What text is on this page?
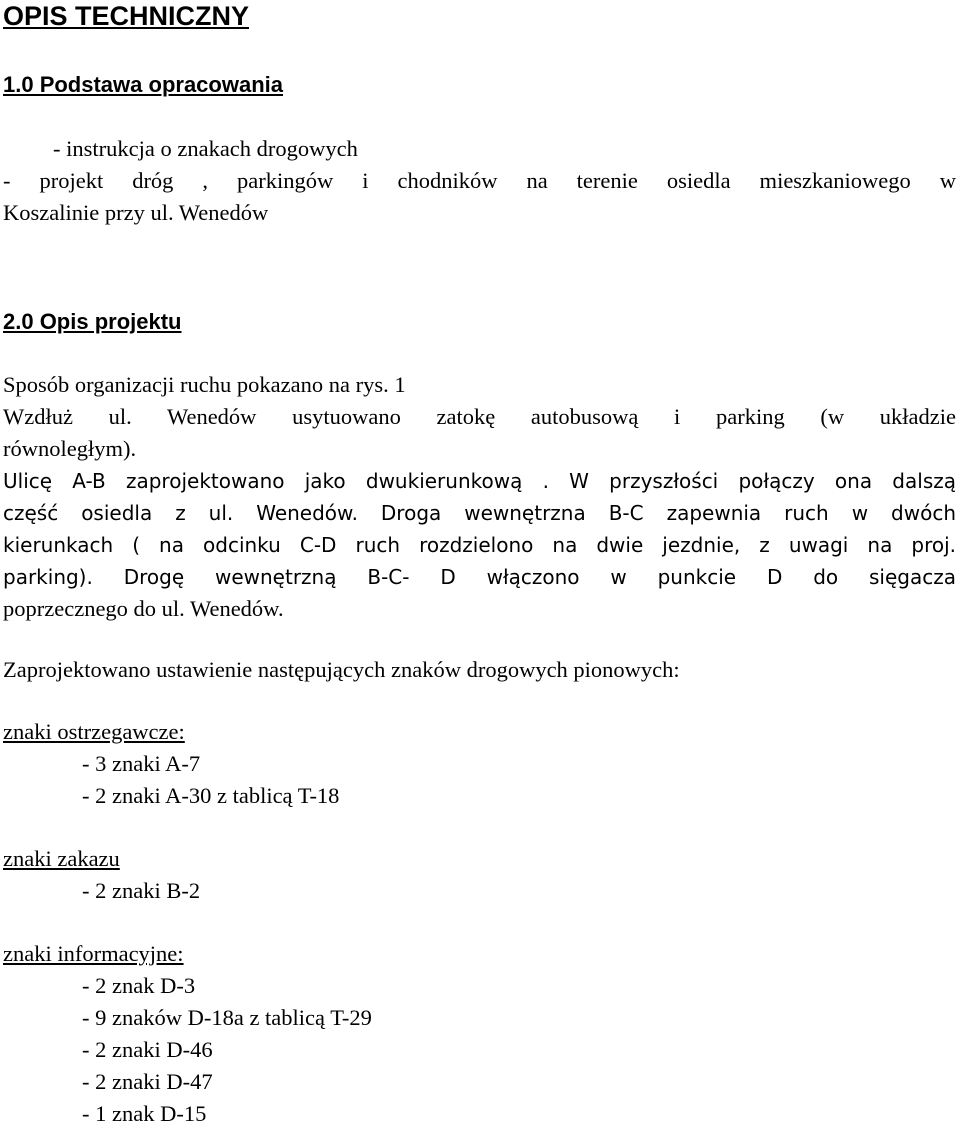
OPIS TECHNICZNY
1.0 Podstawa opracowania

- instrukcja o znakach drogowych

- projekt dróg , parkingów i chodników na terenie osiedla mieszkaniowego w

Koszalinie przy ul. Wenedów

2.0 Opis projektu

Sposób organizacji ruchu pokazano na rys. 1

Wzdłuż ul. Wenedów usytuowano zatokę autobusową i parking (w układzie

równoległym).

Ulicę A-B zaprojektowano jako dwukierunkową . W przyszłości połączy ona dalszą

część osiedla z ul. Wenedów. Droga wewnętrzna B-C zapewnia ruch w dwóch

kierunkach ( na odcinku C-D ruch rozdzielono na dwie jezdnie, z uwagi na proj.

parking). Drogę wewnętrzną B-C- D włączono w punkcie D do sięgacza

poprzecznego do ul. Wenedów.

Zaprojektowano ustawienie następujących znaków drogowych pionowych:

znaki ostrzegawcze:

- 3 znaki A-7

- 2 znaki A-30 z tablicą T-18

znaki zakazu

- 2 znaki B-2

znaki informacyjne:

- 2 znak D-3

- 9 znaków D-18a z tablicą T-29

- 2 znaki D-46

- 2 znaki D-47

- 1 znak D-15
